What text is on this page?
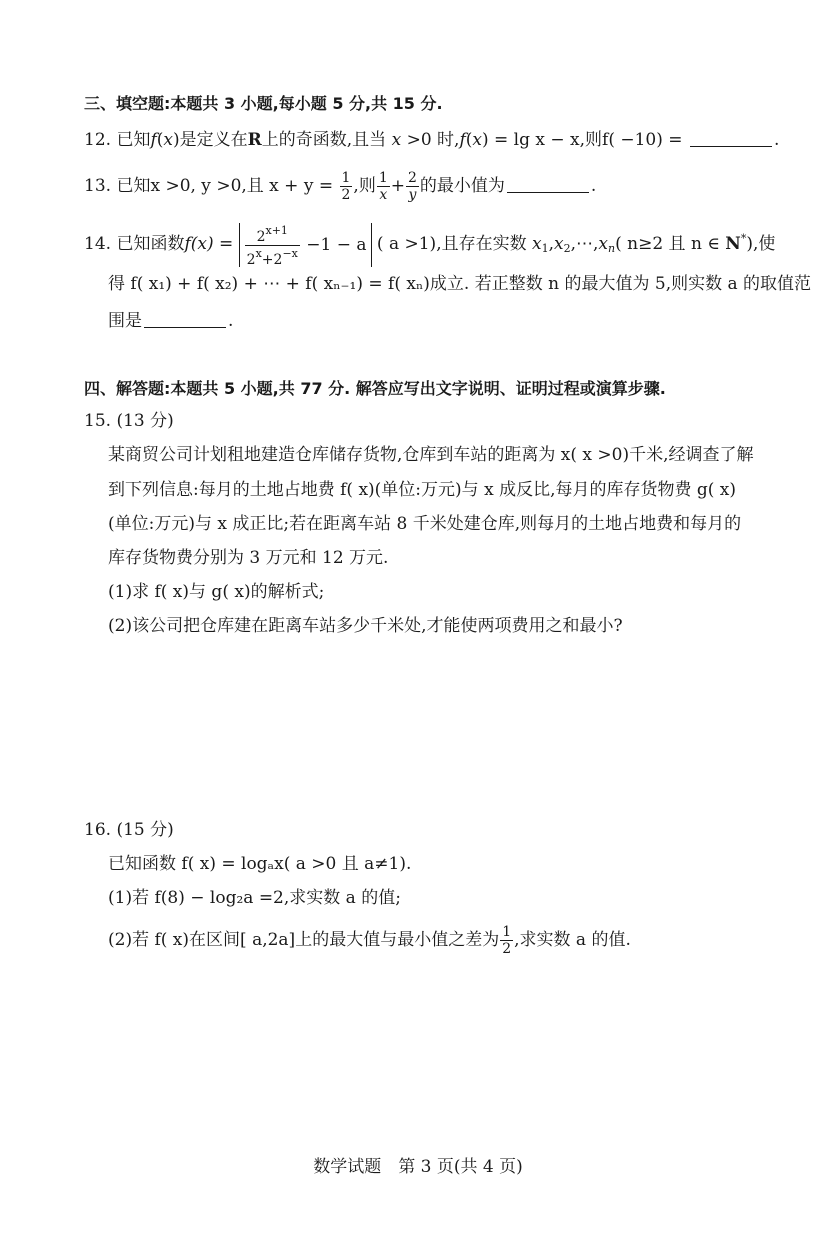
三、填空题:本题共 3 小题,每小题 5 分,共 15 分.
12. 已知f(x)是定义在R上的奇函数,且当 x >0 时,f(x) = lg x − x,则f( −10) =	.
13. 已知x >0, y >0,且 $x + y = \frac{1}{2}$ ,则 $\frac{1}{x} + \frac{2}{y}$ 的最小值为	.
14. 已知函数$f(x) = \frac{2^{x+1}}{2^x+2^{-x}} -1 - a$ ( a >1),且存在实数 $x_1,x_2,\cdots,x_n$( n≥2 且 n ∈ N*),使
得 f( x₁) + f( x₂) + ⋯ + f( xₙ₋₁) = f( xₙ)成立. 若正整数 n 的最大值为 5,则实数 a 的取值范
围是	.
四、解答题:本题共 5 小题,共 77 分. 解答应写出文字说明、证明过程或演算步骤.
15. (13 分)
某商贸公司计划租地建造仓库储存货物,仓库到车站的距离为 x( x >0)千米,经调查了解
到下列信息:每月的土地占地费 f( x)(单位:万元)与 x 成反比,每月的库存货物费 g( x)
(单位:万元)与 x 成正比;若在距离车站 8 千米处建仓库,则每月的土地占地费和每月的
库存货物费分别为 3 万元和 12 万元.
(1)求 f( x)与 g( x)的解析式;
(2)该公司把仓库建在距离车站多少千米处,才能使两项费用之和最小?
16. (15 分)
已知函数 f( x) = logₐx( a >0 且 a≠1).
(1)若 f(8) − log₂a =2,求实数 a 的值;
(2)若 f( x)在区间[ a,2a]上的最大值与最小值之差为 $\frac{1}{2}$ ,求实数 a 的值.
数学试题　第 3 页(共 4 页)
